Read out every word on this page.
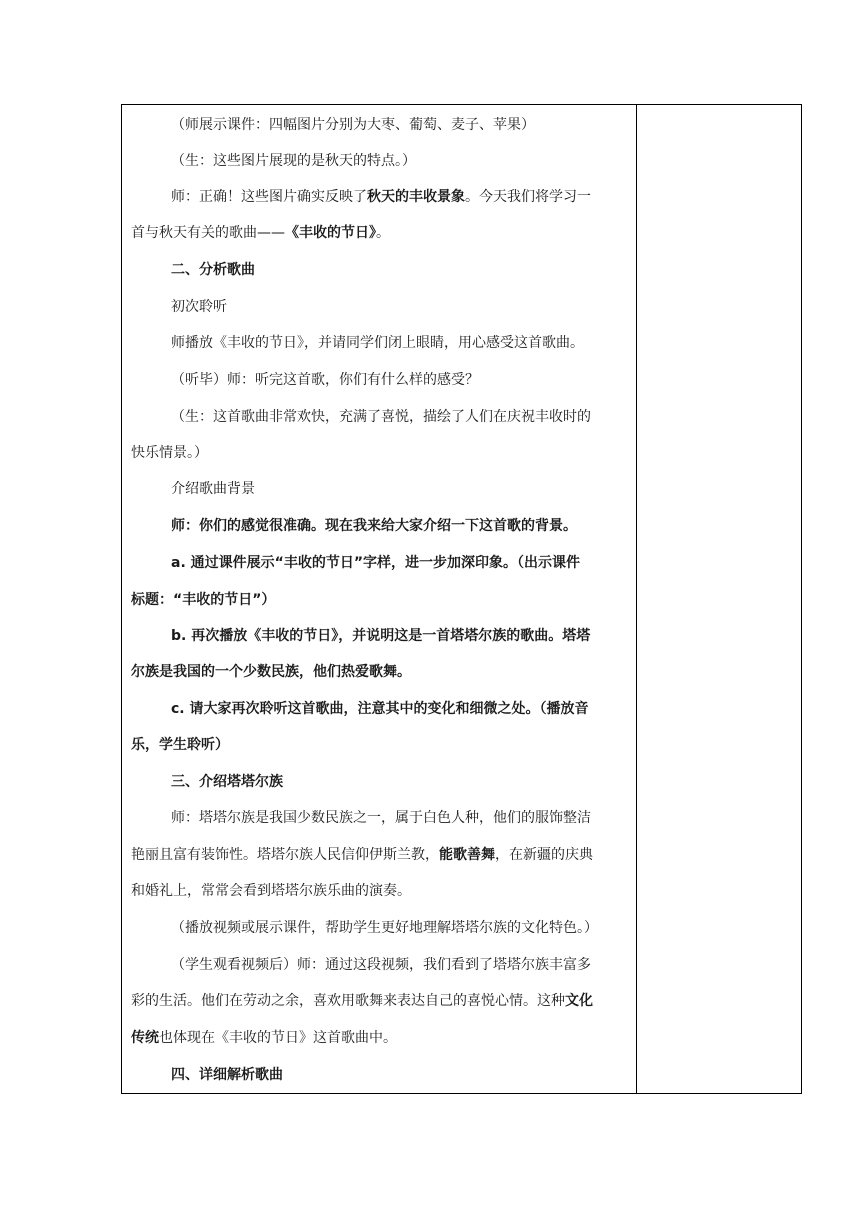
（师展示课件：四幅图片分别为大枣、葡萄、麦子、苹果）
（生：这些图片展现的是秋天的特点。）
师：正确！这些图片确实反映了秋天的丰收景象。今天我们将学习一
首与秋天有关的歌曲——《丰收的节日》。
二、分析歌曲
初次聆听
师播放《丰收的节日》，并请同学们闭上眼睛，用心感受这首歌曲。
（听毕）师：听完这首歌，你们有什么样的感受？
（生：这首歌曲非常欢快，充满了喜悦，描绘了人们在庆祝丰收时的
快乐情景。）
介绍歌曲背景
师：你们的感觉很准确。现在我来给大家介绍一下这首歌的背景。
a. 通过课件展示“丰收的节日”字样，进一步加深印象。（出示课件
标题：“丰收的节日”）
b. 再次播放《丰收的节日》，并说明这是一首塔塔尔族的歌曲。塔塔
尔族是我国的一个少数民族，他们热爱歌舞。
c. 请大家再次聆听这首歌曲，注意其中的变化和细微之处。（播放音
乐，学生聆听）
三、介绍塔塔尔族
师：塔塔尔族是我国少数民族之一，属于白色人种，他们的服饰整洁
艳丽且富有装饰性。塔塔尔族人民信仰伊斯兰教，能歌善舞，在新疆的庆典
和婚礼上，常常会看到塔塔尔族乐曲的演奏。
（播放视频或展示课件，帮助学生更好地理解塔塔尔族的文化特色。）
（学生观看视频后）师：通过这段视频，我们看到了塔塔尔族丰富多
彩的生活。他们在劳动之余，喜欢用歌舞来表达自己的喜悦心情。这种文化
传统也体现在《丰收的节日》这首歌曲中。
四、详细解析歌曲
